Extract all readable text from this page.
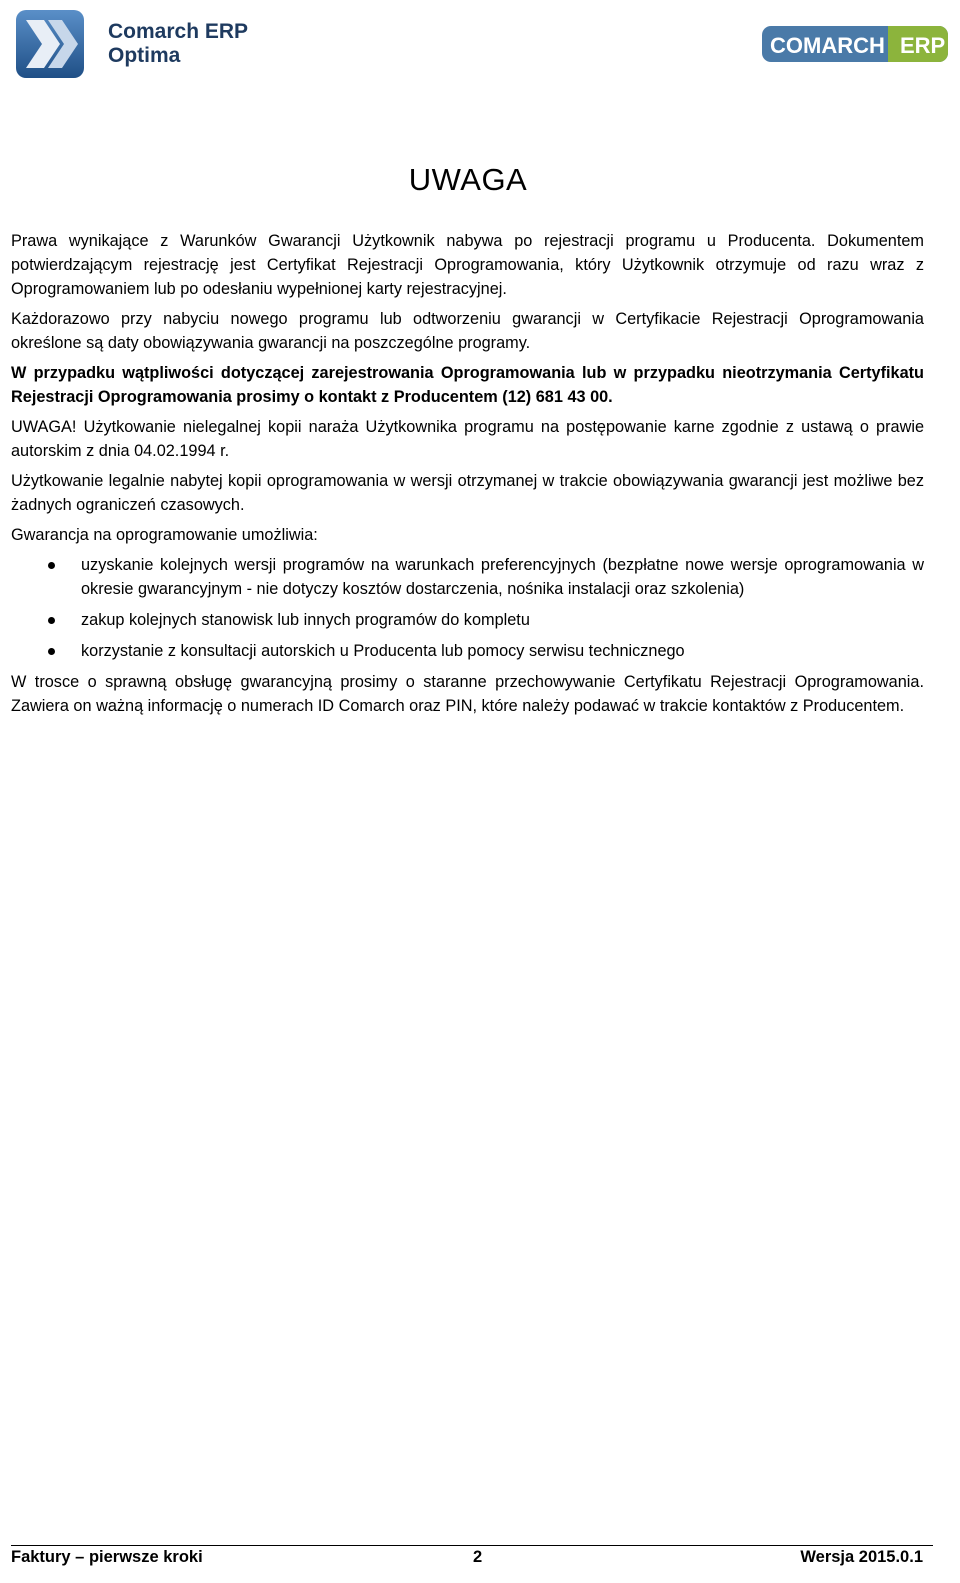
Comarch ERP
Optima	COMARCH ERP
UWAGA

Prawa wynikające z Warunków Gwarancji Użytkownik nabywa po rejestracji programu u Producenta. Dokumentem potwierdzającym rejestrację jest Certyfikat Rejestracji Oprogramowania, który Użytkownik otrzymuje od razu wraz z Oprogramowaniem lub po odesłaniu wypełnionej karty rejestracyjnej.

Każdorazowo przy nabyciu nowego programu lub odtworzeniu gwarancji w Certyfikacie Rejestracji Oprogramowania określone są daty obowiązywania gwarancji na poszczególne programy.

W przypadku wątpliwości dotyczącej zarejestrowania Oprogramowania lub w przypadku nieotrzymania Certyfikatu Rejestracji Oprogramowania prosimy o kontakt z Producentem (12) 681 43 00.

UWAGA! Użytkowanie nielegalnej kopii naraża Użytkownika programu na postępowanie karne zgodnie z ustawą o prawie autorskim z dnia 04.02.1994 r.

Użytkowanie legalnie nabytej kopii oprogramowania w wersji otrzymanej w trakcie obowiązywania gwarancji jest możliwe bez żadnych ograniczeń czasowych.

Gwarancja na oprogramowanie umożliwia:

uzyskanie kolejnych wersji programów na warunkach preferencyjnych (bezpłatne nowe wersje oprogramowania w okresie gwarancyjnym - nie dotyczy kosztów dostarczenia, nośnika instalacji oraz szkolenia)
zakup kolejnych stanowisk lub innych programów do kompletu
korzystanie z konsultacji autorskich u Producenta lub pomocy serwisu technicznego

W trosce o sprawną obsługę gwarancyjną prosimy o staranne przechowywanie Certyfikatu Rejestracji Oprogramowania. Zawiera on ważną informację o numerach ID Comarch oraz PIN, które należy podawać w trakcie kontaktów z Producentem.

Faktury – pierwsze kroki	2	Wersja 2015.0.1
